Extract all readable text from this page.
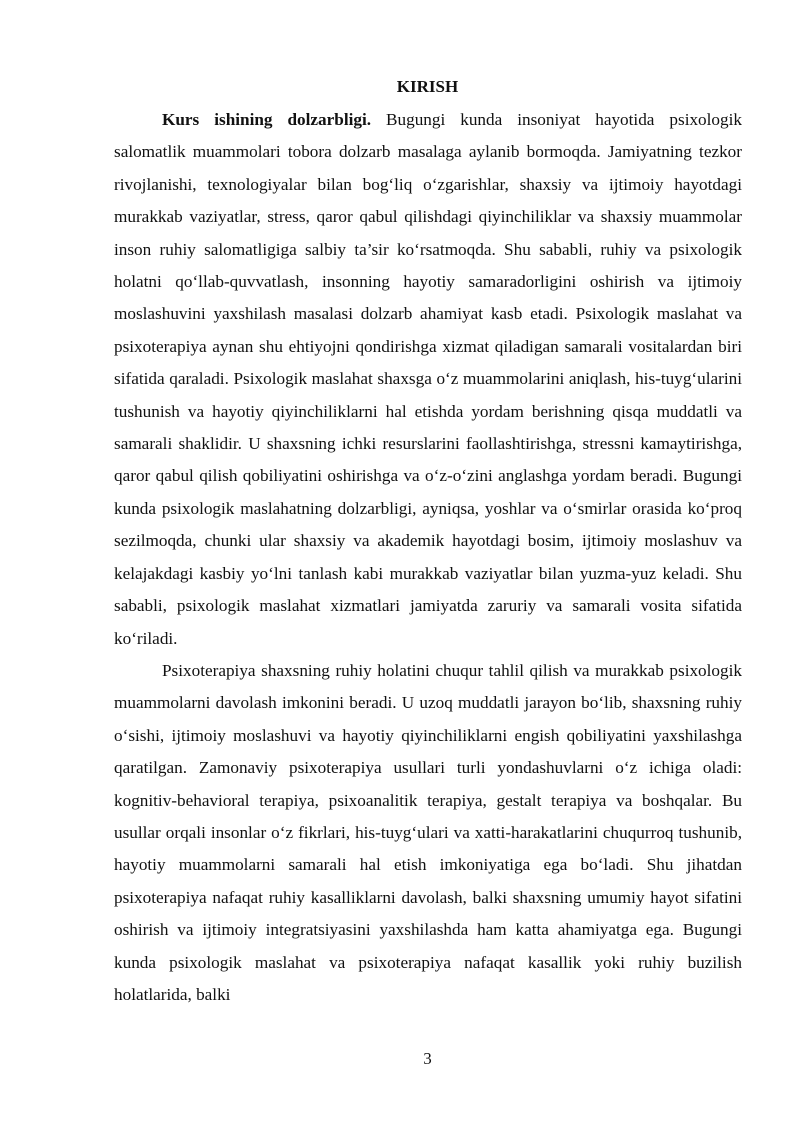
KIRISH

Kurs ishining dolzarbligi. Bugungi kunda insoniyat hayotida psixologik salomatlik muammolari tobora dolzarb masalaga aylanib bormoqda. Jamiyatning tezkor rivojlanishi, texnologiyalar bilan bog‘liq o‘zgarishlar, shaxsiy va ijtimoiy hayotdagi murakkab vaziyatlar, stress, qaror qabul qilishdagi qiyinchiliklar va shaxsiy muammolar inson ruhiy salomatligiga salbiy ta’sir ko‘rsatmoqda. Shu sababli, ruhiy va psixologik holatni qo‘llab-quvvatlash, insonning hayotiy samaradorligini oshirish va ijtimoiy moslashuvini yaxshilash masalasi dolzarb ahamiyat kasb etadi. Psixologik maslahat va psixoterapiya aynan shu ehtiyojni qondirishga xizmat qiladigan samarali vositalardan biri sifatida qaraladi. Psixologik maslahat shaxsga o‘z muammolarini aniqlash, his-tuyg‘ularini tushunish va hayotiy qiyinchiliklarni hal etishda yordam berishning qisqa muddatli va samarali shaklidir. U shaxsning ichki resurslarini faollashtirishga, stressni kamaytirishga, qaror qabul qilish qobiliyatini oshirishga va o‘z-o‘zini anglashga yordam beradi. Bugungi kunda psixologik maslahatning dolzarbligi, ayniqsa, yoshlar va o‘smirlar orasida ko‘proq sezilmoqda, chunki ular shaxsiy va akademik hayotdagi bosim, ijtimoiy moslashuv va kelajakdagi kasbiy yo‘lni tanlash kabi murakkab vaziyatlar bilan yuzma-yuz keladi. Shu sababli, psixologik maslahat xizmatlari jamiyatda zaruriy va samarali vosita sifatida ko‘riladi.

Psixoterapiya shaxsning ruhiy holatini chuqur tahlil qilish va murakkab psixologik muammolarni davolash imkonini beradi. U uzoq muddatli jarayon bo‘lib, shaxsning ruhiy o‘sishi, ijtimoiy moslashuvi va hayotiy qiyinchiliklarni engish qobiliyatini yaxshilashga qaratilgan. Zamonaviy psixoterapiya usullari turli yondashuvlarni o‘z ichiga oladi: kognitiv-behavioral terapiya, psixoanalitik terapiya, gestalt terapiya va boshqalar. Bu usullar orqali insonlar o‘z fikrlari, his-tuyg‘ulari va xatti-harakatlarini chuqurroq tushunib, hayotiy muammolarni samarali hal etish imkoniyatiga ega bo‘ladi. Shu jihatdan psixoterapiya nafaqat ruhiy kasalliklarni davolash, balki shaxsning umumiy hayot sifatini oshirish va ijtimoiy integratsiyasini yaxshilashda ham katta ahamiyatga ega. Bugungi kunda psixologik maslahat va psixoterapiya nafaqat kasallik yoki ruhiy buzilish holatlarida, balki

3
